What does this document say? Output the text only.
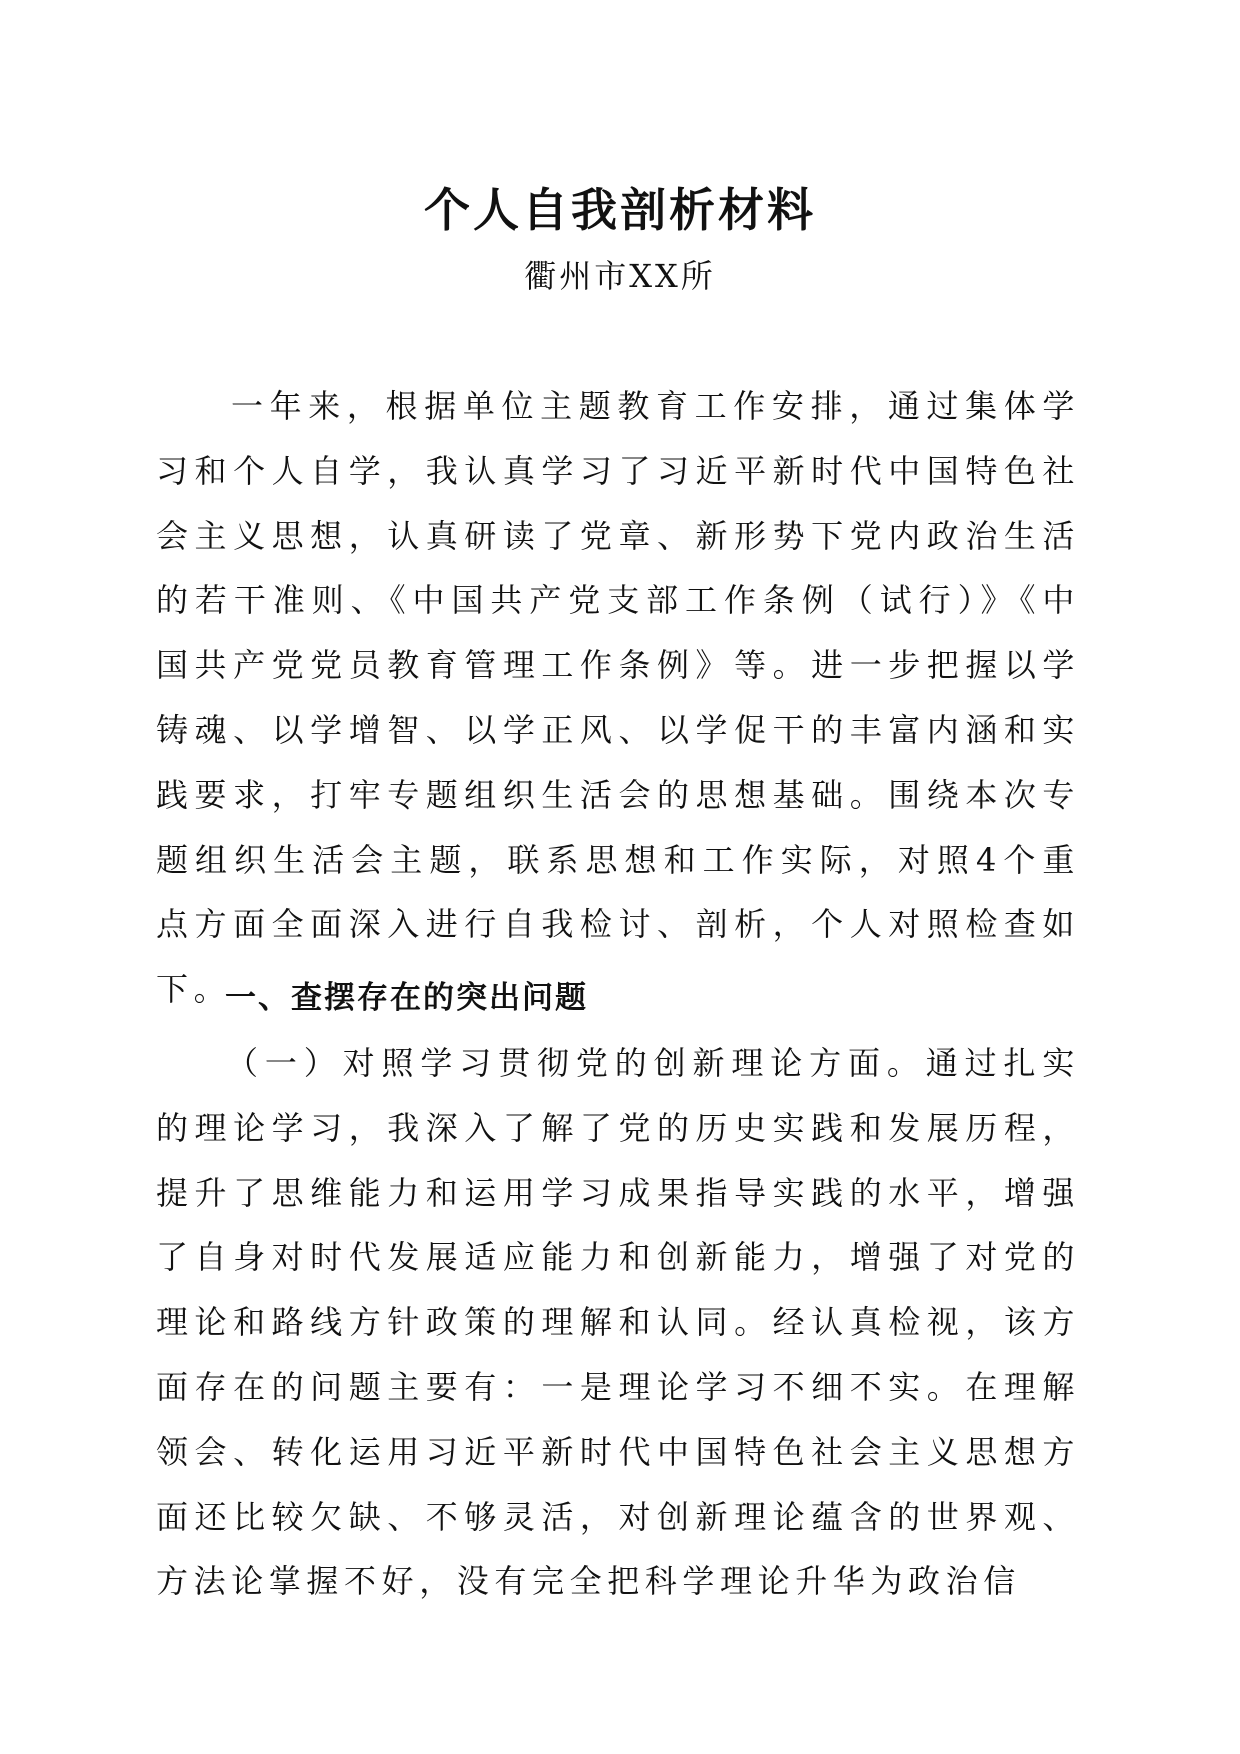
个人自我剖析材料
衢州市XX所
一年来，根据单位主题教育工作安排，通过集体学习和个人自学，我认真学习了习近平新时代中国特色社会主义思想，认真研读了党章、新形势下党内政治生活的若干准则、《中国共产党支部工作条例（试行）》《中国共产党党员教育管理工作条例》等。进一步把握以学铸魂、以学增智、以学正风、以学促干的丰富内涵和实践要求，打牢专题组织生活会的思想基础。围绕本次专题组织生活会主题，联系思想和工作实际，对照4个重点方面全面深入进行自我检讨、剖析，个人对照检查如下。
一、查摆存在的突出问题
（一）对照学习贯彻党的创新理论方面。通过扎实的理论学习，我深入了解了党的历史实践和发展历程，提升了思维能力和运用学习成果指导实践的水平，增强了自身对时代发展适应能力和创新能力，增强了对党的理论和路线方针政策的理解和认同。经认真检视，该方面存在的问题主要有：一是理论学习不细不实。在理解领会、转化运用习近平新时代中国特色社会主义思想方面还比较欠缺、不够灵活，对创新理论蕴含的世界观、方法论掌握不好，没有完全把科学理论升华为政治信
